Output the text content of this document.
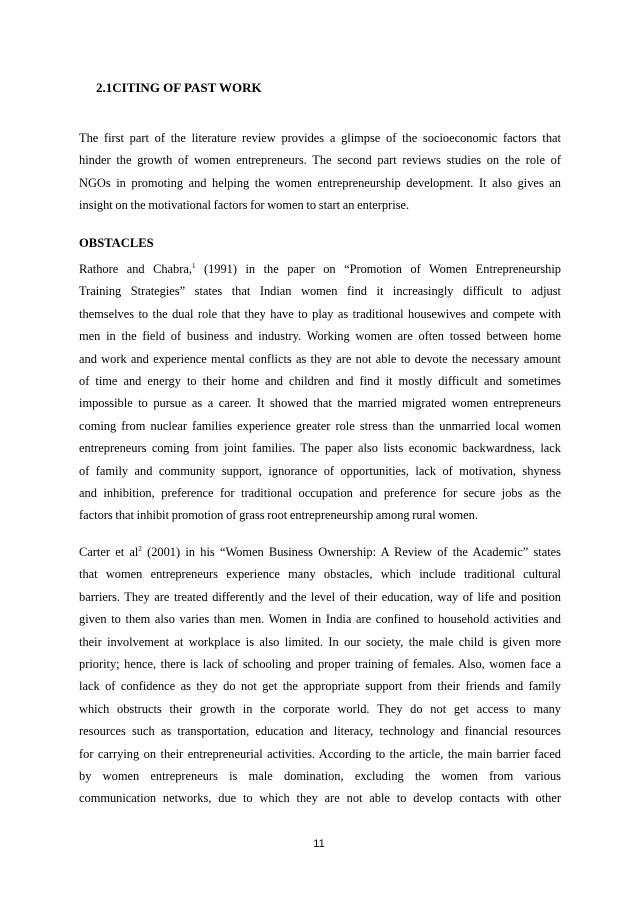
2.1CITING OF PAST WORK
The first part of the literature review provides a glimpse of the socioeconomic factors that
hinder the growth of women entrepreneurs. The second part reviews studies on the role of
NGOs in promoting and helping the women entrepreneurship development. It also gives an
insight on the motivational factors for women to start an enterprise.
OBSTACLES
Rathore and Chabra,$^1$ (1991) in the paper on “Promotion of Women Entrepreneurship
Training Strategies” states that Indian women find it increasingly difficult to adjust
themselves to the dual role that they have to play as traditional housewives and compete with
men in the field of business and industry. Working women are often tossed between home
and work and experience mental conflicts as they are not able to devote the necessary amount
of time and energy to their home and children and find it mostly difficult and sometimes
impossible to pursue as a career. It showed that the married migrated women entrepreneurs
coming from nuclear families experience greater role stress than the unmarried local women
entrepreneurs coming from joint families. The paper also lists economic backwardness, lack
of family and community support, ignorance of opportunities, lack of motivation, shyness
and inhibition, preference for traditional occupation and preference for secure jobs as the
factors that inhibit promotion of grass root entrepreneurship among rural women.
Carter et $al^2$ (2001) in his “Women Business Ownership: A Review of the Academic” states
that women entrepreneurs experience many obstacles, which include traditional cultural
barriers. They are treated differently and the level of their education, way of life and position
given to them also varies than men. Women in India are confined to household activities and
their involvement at workplace is also limited. In our society, the male child is given more
priority; hence, there is lack of schooling and proper training of females. Also, women face a
lack of confidence as they do not get the appropriate support from their friends and family
which obstructs their growth in the corporate world. They do not get access to many
resources such as transportation, education and literacy, technology and financial resources
for carrying on their entrepreneurial activities. According to the article, the main barrier faced
by women entrepreneurs is male domination, excluding the women from various
communication networks, due to which they are not able to develop contacts with other
11
